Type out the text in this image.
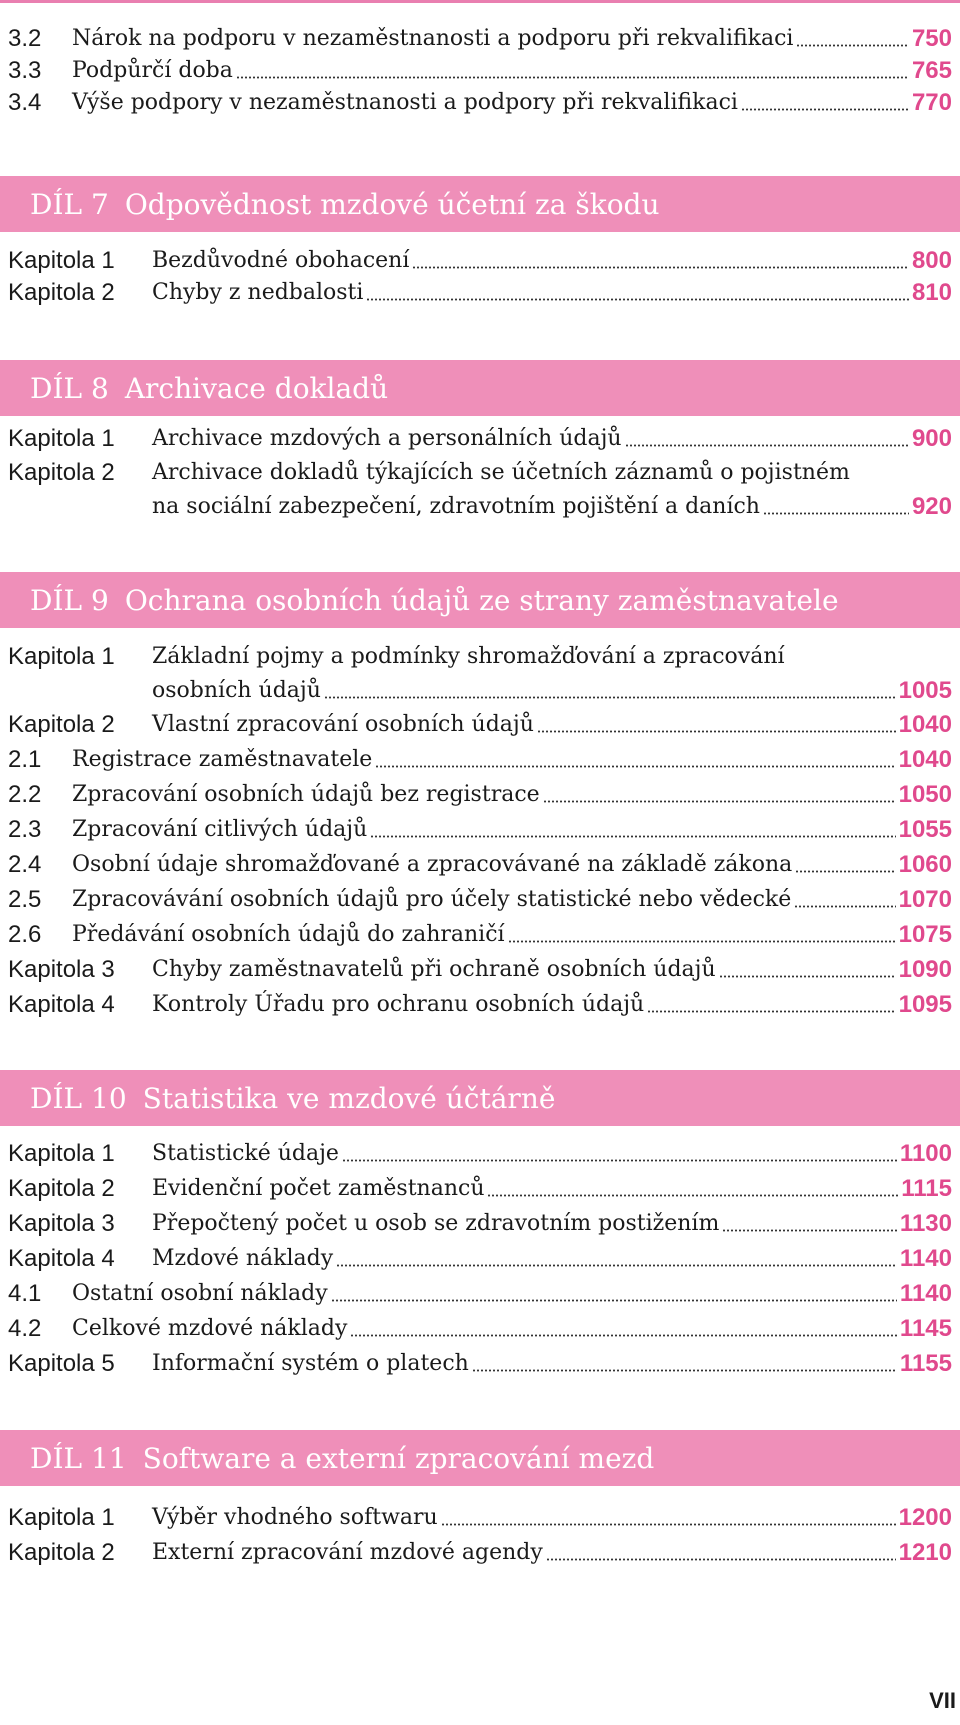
3.2	Nárok na podporu v nezaměstnanosti a podporu při rekvalifikaci	750
3.3	Podpůrčí doba	765
3.4	Výše podpory v nezaměstnanosti a podpory při rekvalifikaci	770
DÍL 7 Odpovědnost mzdové účetní za škodu
Kapitola 1	Bezdůvodné obohacení	800
Kapitola 2	Chyby z nedbalosti	810
DÍL 8 Archivace dokladů
Kapitola 1	Archivace mzdových a personálních údajů	900
Kapitola 2	Archivace dokladů týkajících se účetních záznamů o pojistném
na sociální zabezpečení, zdravotním pojištění a daních	920
DÍL 9 Ochrana osobních údajů ze strany zaměstnavatele
Kapitola 1	Základní pojmy a podmínky shromažďování a zpracování
osobních údajů	1005
Kapitola 2	Vlastní zpracování osobních údajů	1040
2.1	Registrace zaměstnavatele	1040
2.2	Zpracování osobních údajů bez registrace	1050
2.3	Zpracování citlivých údajů	1055
2.4	Osobní údaje shromažďované a zpracovávané na základě zákona	1060
2.5	Zpracovávání osobních údajů pro účely statistické nebo vědecké	1070
2.6	Předávání osobních údajů do zahraničí	1075
Kapitola 3	Chyby zaměstnavatelů při ochraně osobních údajů	1090
Kapitola 4	Kontroly Úřadu pro ochranu osobních údajů	1095
DÍL 10 Statistika ve mzdové účtárně
Kapitola 1	Statistické údaje	1100
Kapitola 2	Evidenční počet zaměstnanců	1115
Kapitola 3	Přepočtený počet u osob se zdravotním postižením	1130
Kapitola 4	Mzdové náklady	1140
4.1	Ostatní osobní náklady	1140
4.2	Celkové mzdové náklady	1145
Kapitola 5	Informační systém o platech	1155
DÍL 11 Software a externí zpracování mezd
Kapitola 1	Výběr vhodného softwaru	1200
Kapitola 2	Externí zpracování mzdové agendy	1210
VII
